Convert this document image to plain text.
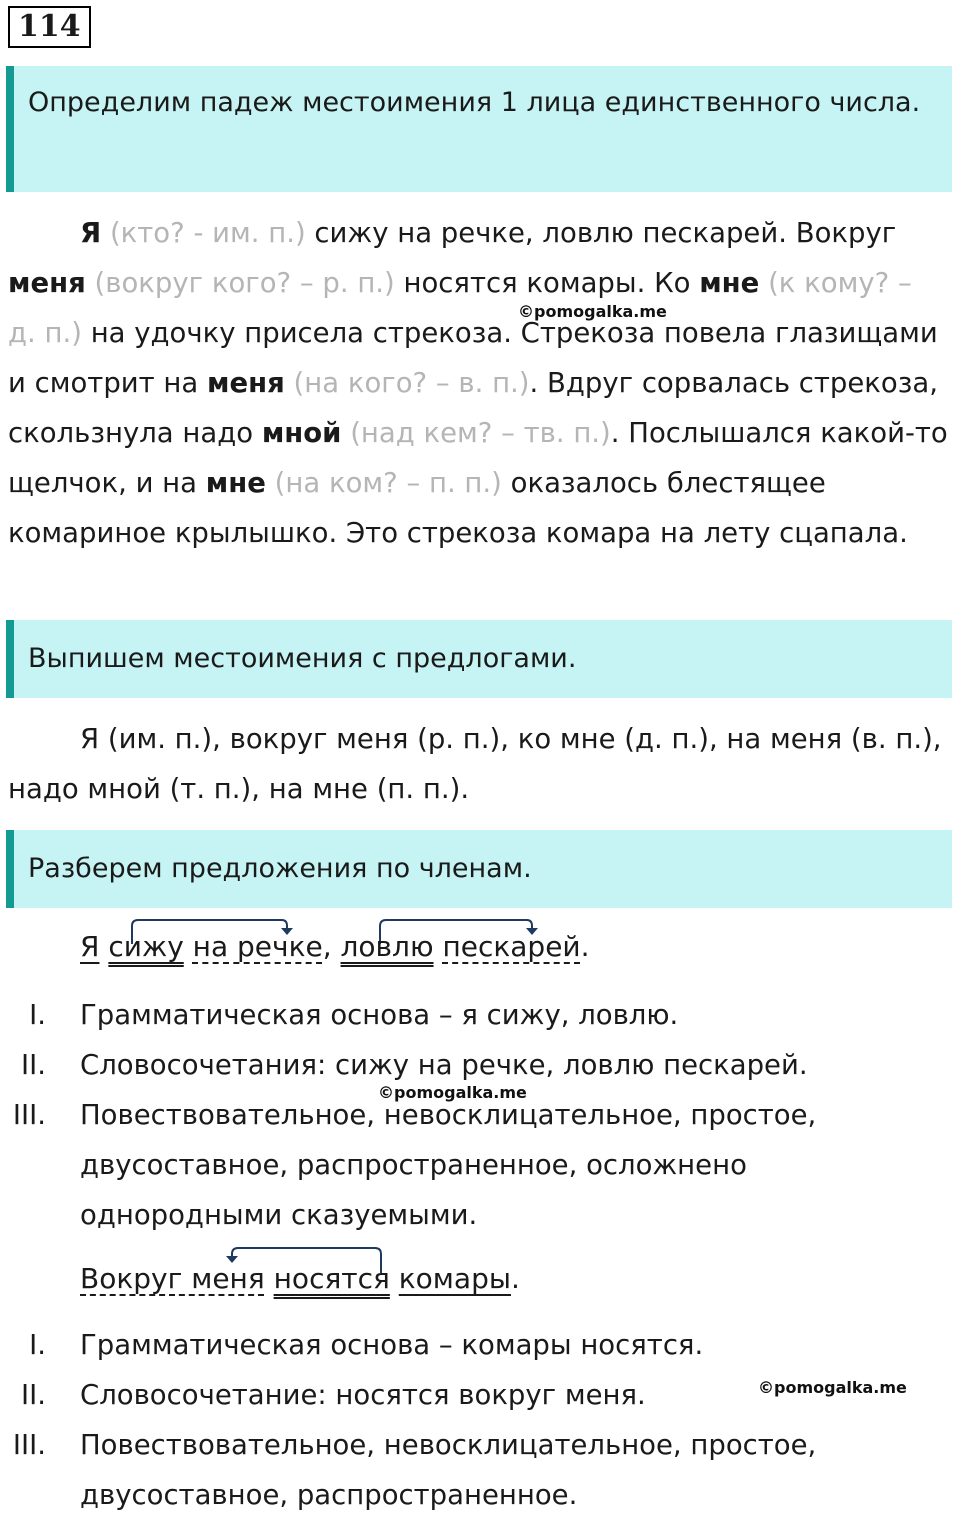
114
Определим падеж местоимения 1 лица единственного числа.
Я (кто? - им. п.) сижу на речке, ловлю пескарей. Вокруг меня (вокруг кого? – р. п.) носятся комары. Ко мне (к кому? – д. п.) на удочку присела стрекоза. Стрекоза повела глазищами и смотрит на меня (на кого? – в. п.). Вдруг сорвалась стрекоза, скользнула надо мной (над кем? – тв. п.). Послышался какой-то щелчок, и на мне (на ком? – п. п.) оказалось блестящее комариное крылышко. Это стрекоза комара на лету сцапала.
©pomogalka.me
Выпишем местоимения с предлогами.
Я (им. п.), вокруг меня (р. п.), ко мне (д. п.), на меня (в. п.), надо мной (т. п.), на мне (п. п.).
Разберем предложения по членам.
Я сижу на речке, ловлю пескарей.
I. Грамматическая основа – я сижу, ловлю.
II. Словосочетания: сижу на речке, ловлю пескарей.
III. Повествовательное, невосклицательное, простое, двусоставное, распространенное, осложнено однородными сказуемыми.
©pomogalka.me
Вокруг меня носятся комары.
I. Грамматическая основа – комары носятся.
II. Словосочетание: носятся вокруг меня.
III. Повествовательное, невосклицательное, простое, двусоставное, распространенное.
©pomogalka.me
